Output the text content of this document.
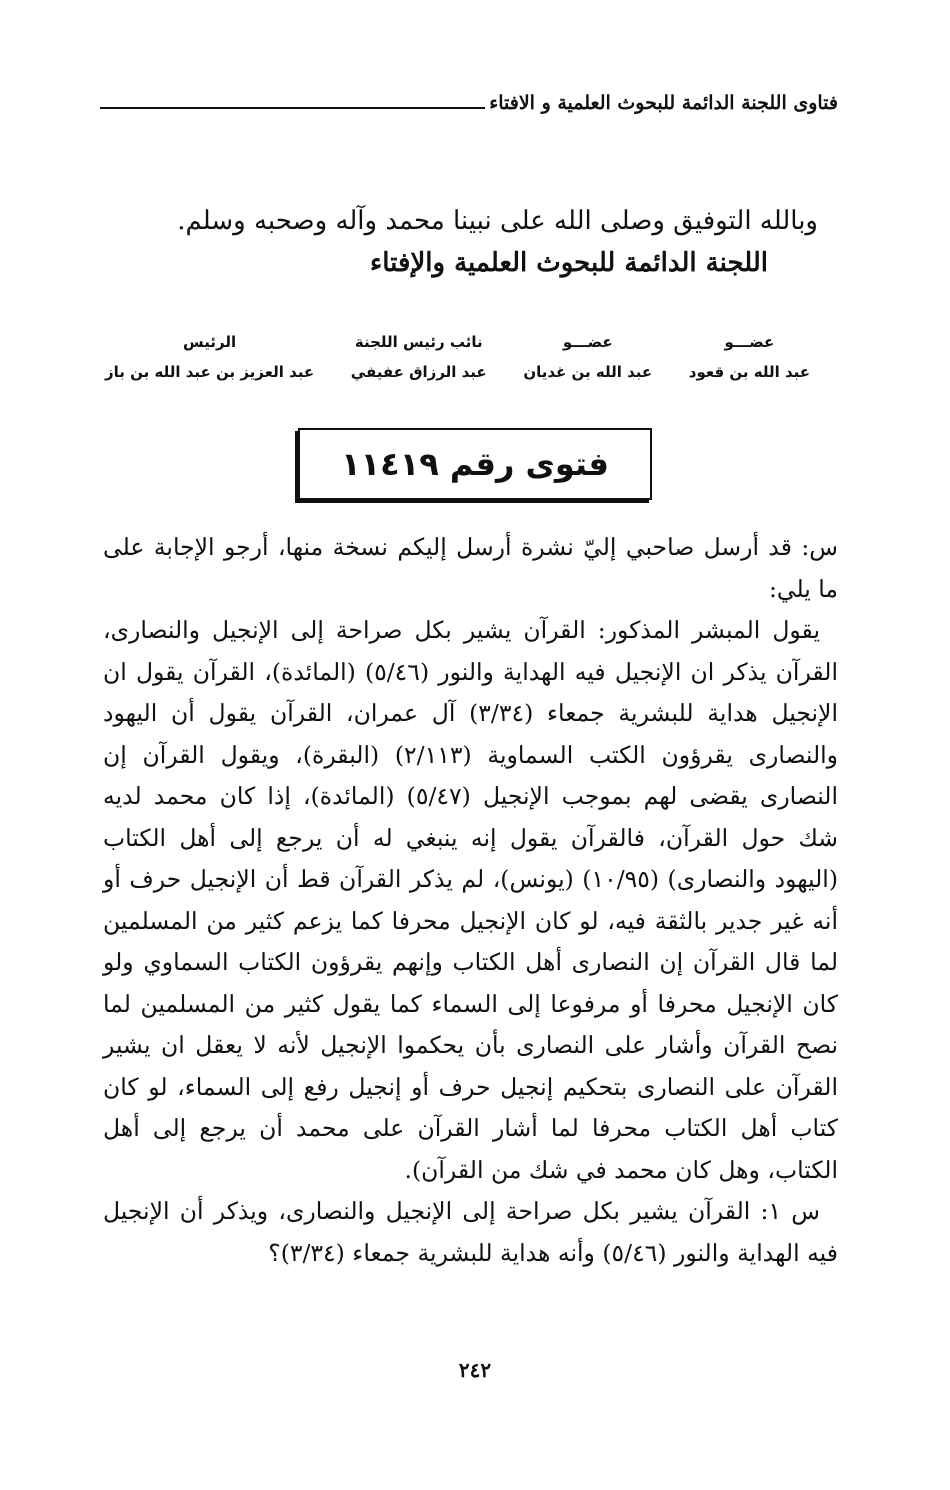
فتاوى اللجنة الدائمة للبحوث العلمية و الافتاء
وبالله التوفيق وصلى الله على نبينا محمد وآله وصحبه وسلم.
اللجنة الدائمة للبحوث العلمية والإفتاء
عضـــو
عبد الله بن قعود
عضـــو
عبد الله بن غديان
نائب رئيس اللجنة
عبد الرزاق عفيفي
الرئيس
عبد العزيز بن عبد الله بن باز
فتوى رقم ١١٤١٩

س: قد أرسل صاحبي إليّ نشرة أرسل إليكم نسخة منها، أرجو الإجابة على ما يلي:

يقول المبشر المذكور: القرآن يشير بكل صراحة إلى الإنجيل والنصارى، القرآن يذكر ان الإنجيل فيه الهداية والنور (٥/٤٦) (المائدة)، القرآن يقول ان الإنجيل هداية للبشرية جمعاء (٣/٣٤) آل عمران، القرآن يقول أن اليهود والنصارى يقرؤون الكتب السماوية (٢/١١٣) (البقرة)، ويقول القرآن إن النصارى يقضى لهم بموجب الإنجيل (٥/٤٧) (المائدة)، إذا كان محمد لديه شك حول القرآن، فالقرآن يقول إنه ينبغي له أن يرجع إلى أهل الكتاب (اليهود والنصارى) (١٠/٩٥) (يونس)، لم يذكر القرآن قط أن الإنجيل حرف أو أنه غير جدير بالثقة فيه، لو كان الإنجيل محرفا كما يزعم كثير من المسلمين لما قال القرآن إن النصارى أهل الكتاب وإنهم يقرؤون الكتاب السماوي ولو كان الإنجيل محرفا أو مرفوعا إلى السماء كما يقول كثير من المسلمين لما نصح القرآن وأشار على النصارى بأن يحكموا الإنجيل لأنه لا يعقل ان يشير القرآن على النصارى بتحكيم إنجيل حرف أو إنجيل رفع إلى السماء، لو كان كتاب أهل الكتاب محرفا لما أشار القرآن على محمد أن يرجع إلى أهل الكتاب، وهل كان محمد في شك من القرآن).

س ١: القرآن يشير بكل صراحة إلى الإنجيل والنصارى، ويذكر أن الإنجيل فيه الهداية والنور (٥/٤٦) وأنه هداية للبشرية جمعاء (٣/٣٤)؟

٢٤٢
